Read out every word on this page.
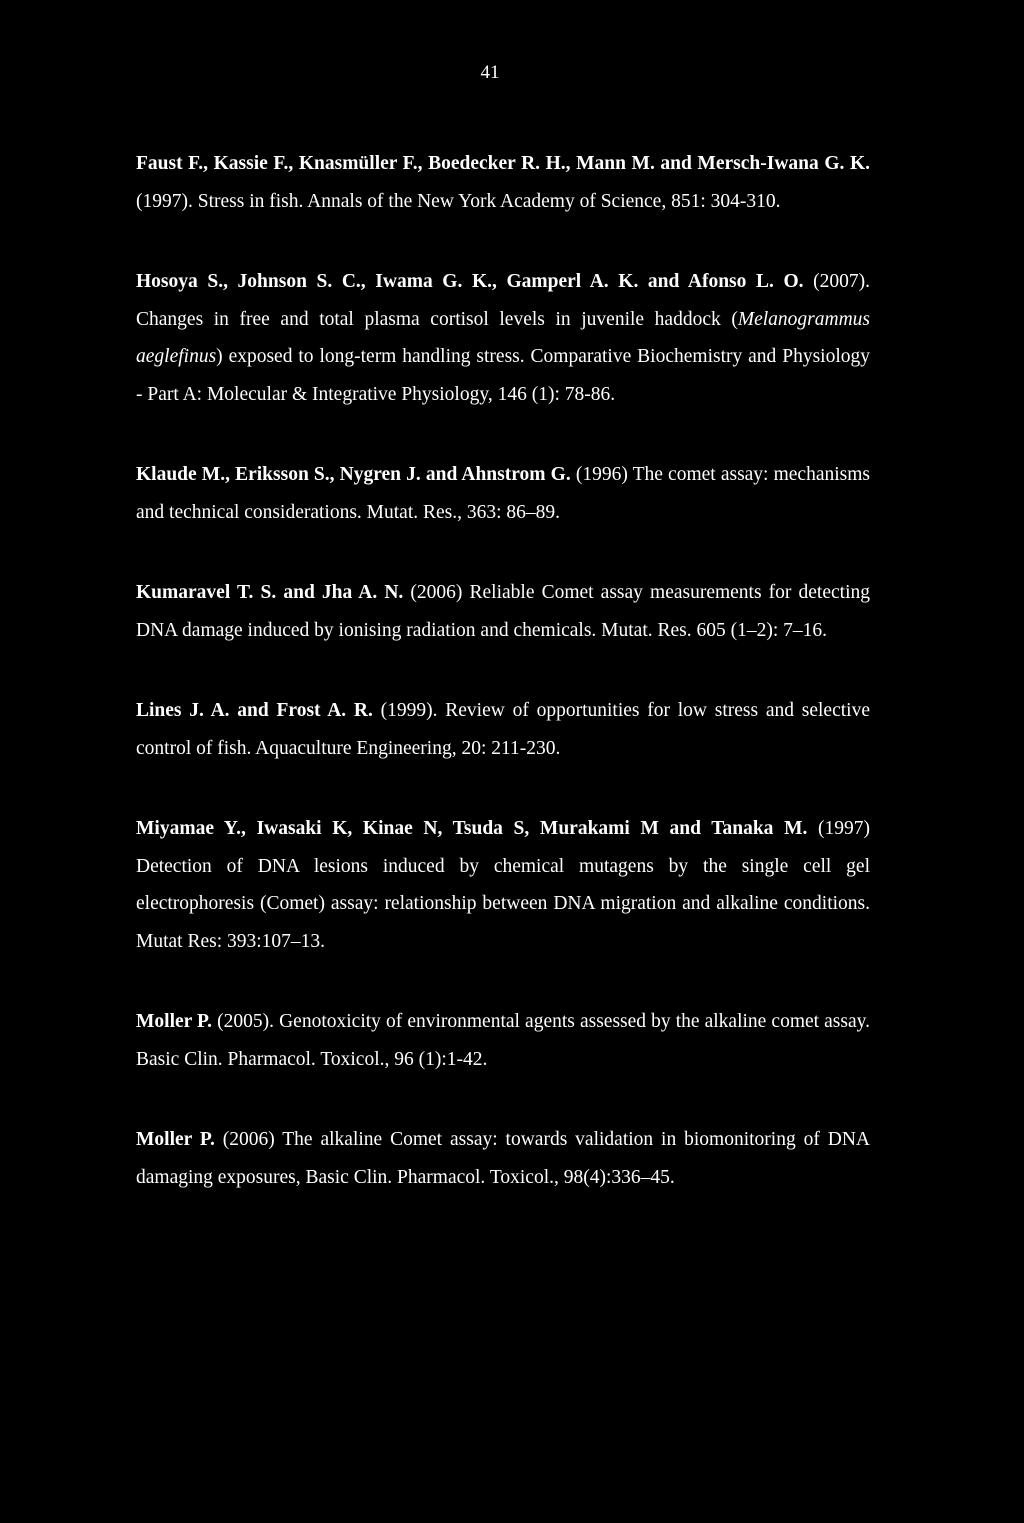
41

Faust F., Kassie F., Knasmüller F., Boedecker R. H., Mann M. and Mersch-Iwana G. K. (1997). Stress in fish. Annals of the New York Academy of Science, 851: 304-310.

Hosoya S., Johnson S. C., Iwama G. K., Gamperl A. K. and Afonso L. O. (2007). Changes in free and total plasma cortisol levels in juvenile haddock (Melanogrammus aeglefinus) exposed to long-term handling stress. Comparative Biochemistry and Physiology - Part A: Molecular & Integrative Physiology, 146 (1): 78-86.

Klaude M., Eriksson S., Nygren J. and Ahnstrom G. (1996) The comet assay: mechanisms and technical considerations. Mutat. Res., 363: 86–89.

Kumaravel T. S. and Jha A. N. (2006) Reliable Comet assay measurements for detecting DNA damage induced by ionising radiation and chemicals. Mutat. Res. 605 (1–2): 7–16.

Lines J. A. and Frost A. R. (1999). Review of opportunities for low stress and selective control of fish. Aquaculture Engineering, 20: 211-230.

Miyamae Y., Iwasaki K, Kinae N, Tsuda S, Murakami M and Tanaka M. (1997) Detection of DNA lesions induced by chemical mutagens by the single cell gel electrophoresis (Comet) assay: relationship between DNA migration and alkaline conditions. Mutat Res: 393:107–13.

Moller P. (2005). Genotoxicity of environmental agents assessed by the alkaline comet assay. Basic Clin. Pharmacol. Toxicol., 96 (1):1-42.

Moller P. (2006) The alkaline Comet assay: towards validation in biomonitoring of DNA damaging exposures, Basic Clin. Pharmacol. Toxicol., 98(4):336–45.
